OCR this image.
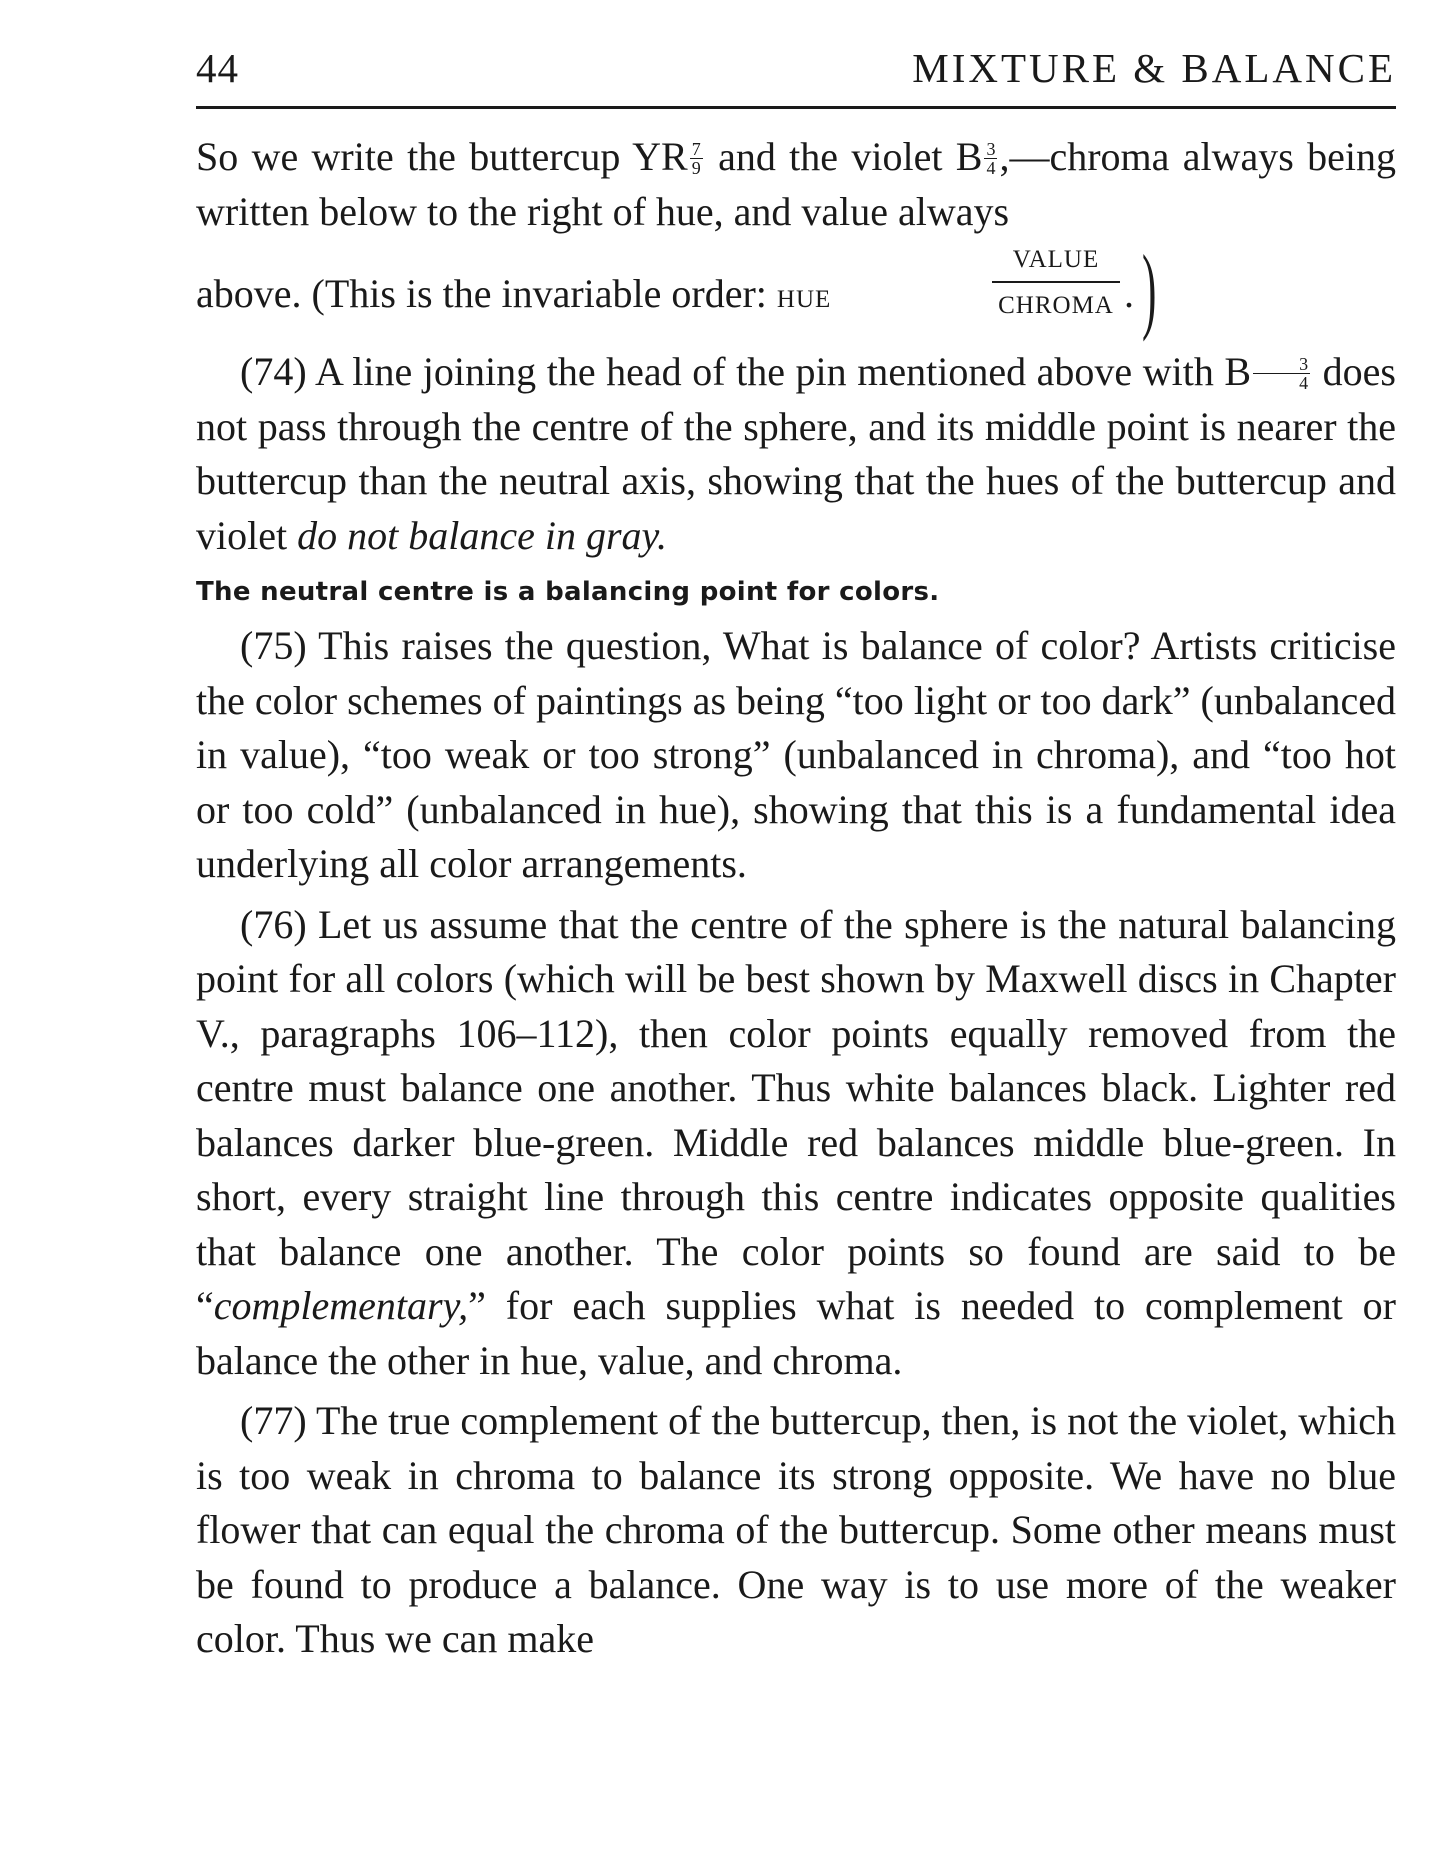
44	MIXTURE & BALANCE

So we write the buttercup YR $\frac{7}{9}$ and the violet B $\frac{3}{4}$ ,—chroma always being written below to the right of hue, and value always

above. (This is the invariable order: HUE
VALUE
CHROMA . )

(74) A line joining the head of the pin mentioned above with B $\frac{3}{4}$ does not pass through the centre of the sphere, and its middle point is nearer the buttercup than the neutral axis, showing that the hues of the buttercup and violet do not balance in gray.

The neutral centre is a balancing point for colors.

(75) This raises the question, What is balance of color? Artists criticise the color schemes of paintings as being “too light or too dark” (unbalanced in value), “too weak or too strong” (unbalanced in chroma), and “too hot or too cold” (unbalanced in hue), showing that this is a fundamental idea underlying all color arrangements.

(76) Let us assume that the centre of the sphere is the natural balancing point for all colors (which will be best shown by Maxwell discs in Chapter V., paragraphs 106–112), then color points equally removed from the centre must balance one another. Thus white balances black. Lighter red balances darker blue-green. Middle red balances middle blue-green. In short, every straight line through this centre indicates opposite qualities that balance one another. The color points so found are said to be “complementary,” for each supplies what is needed to complement or balance the other in hue, value, and chroma.

(77) The true complement of the buttercup, then, is not the violet, which is too weak in chroma to balance its strong opposite. We have no blue flower that can equal the chroma of the buttercup. Some other means must be found to produce a balance. One way is to use more of the weaker color. Thus we can make
